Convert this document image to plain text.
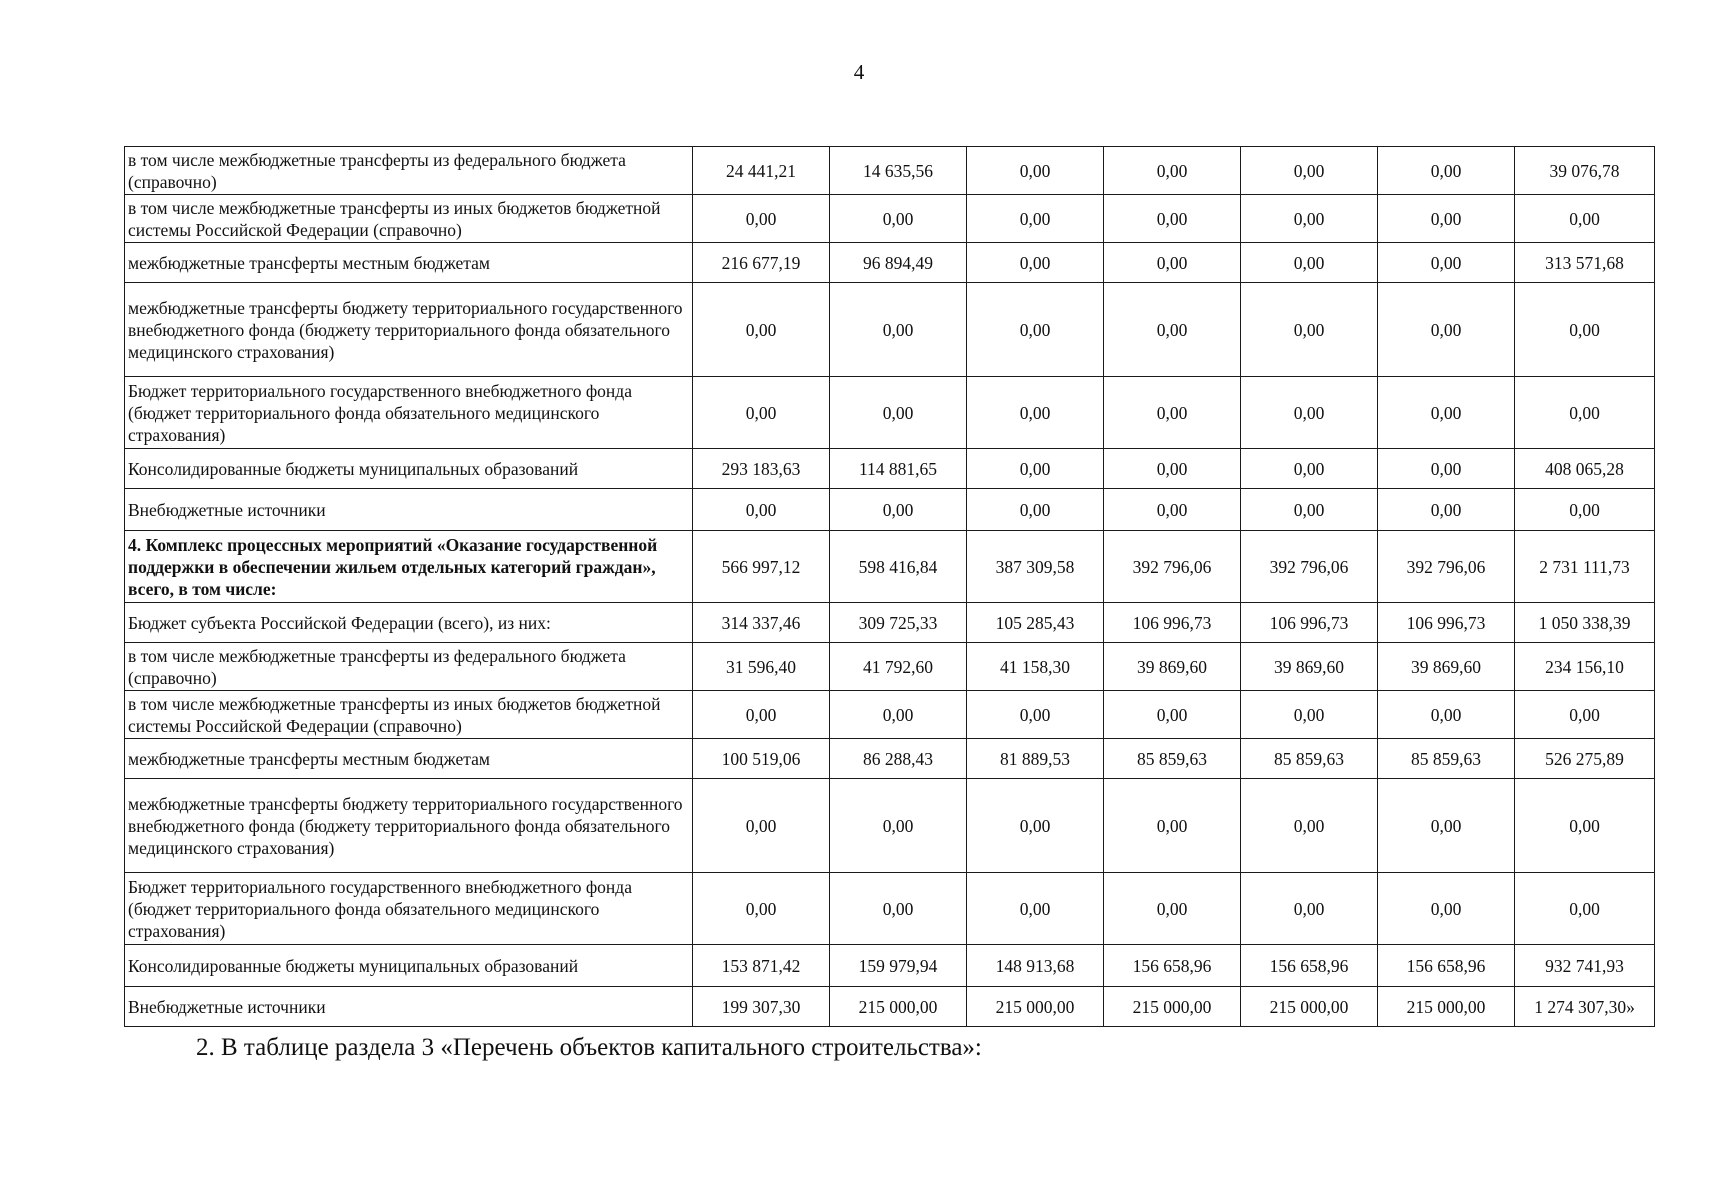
4
в том числе межбюджетные трансферты из федерального бюджета (справочно)	24 441,21	14 635,56	0,00	0,00	0,00	0,00	39 076,78
в том числе межбюджетные трансферты из иных бюджетов бюджетной системы Российской Федерации (справочно)	0,00	0,00	0,00	0,00	0,00	0,00	0,00
межбюджетные трансферты местным бюджетам	216 677,19	96 894,49	0,00	0,00	0,00	0,00	313 571,68
межбюджетные трансферты бюджету территориального государственного внебюджетного фонда (бюджету территориального фонда обязательного медицинского страхования)	0,00	0,00	0,00	0,00	0,00	0,00	0,00
Бюджет территориального государственного внебюджетного фонда (бюджет территориального фонда обязательного медицинского страхования)	0,00	0,00	0,00	0,00	0,00	0,00	0,00
Консолидированные бюджеты муниципальных образований	293 183,63	114 881,65	0,00	0,00	0,00	0,00	408 065,28
Внебюджетные источники	0,00	0,00	0,00	0,00	0,00	0,00	0,00
4. Комплекс процессных мероприятий «Оказание государственной поддержки в обеспечении жильем отдельных категорий граждан», всего, в том числе:	566 997,12	598 416,84	387 309,58	392 796,06	392 796,06	392 796,06	2 731 111,73
Бюджет субъекта Российской Федерации (всего), из них:	314 337,46	309 725,33	105 285,43	106 996,73	106 996,73	106 996,73	1 050 338,39
в том числе межбюджетные трансферты из федерального бюджета (справочно)	31 596,40	41 792,60	41 158,30	39 869,60	39 869,60	39 869,60	234 156,10
в том числе межбюджетные трансферты из иных бюджетов бюджетной системы Российской Федерации (справочно)	0,00	0,00	0,00	0,00	0,00	0,00	0,00
межбюджетные трансферты местным бюджетам	100 519,06	86 288,43	81 889,53	85 859,63	85 859,63	85 859,63	526 275,89
межбюджетные трансферты бюджету территориального государственного внебюджетного фонда (бюджету территориального фонда обязательного медицинского страхования)	0,00	0,00	0,00	0,00	0,00	0,00	0,00
Бюджет территориального государственного внебюджетного фонда (бюджет территориального фонда обязательного медицинского страхования)	0,00	0,00	0,00	0,00	0,00	0,00	0,00
Консолидированные бюджеты муниципальных образований	153 871,42	159 979,94	148 913,68	156 658,96	156 658,96	156 658,96	932 741,93
Внебюджетные источники	199 307,30	215 000,00	215 000,00	215 000,00	215 000,00	215 000,00	1 274 307,30»
2. В таблице раздела 3 «Перечень объектов капитального строительства»:
